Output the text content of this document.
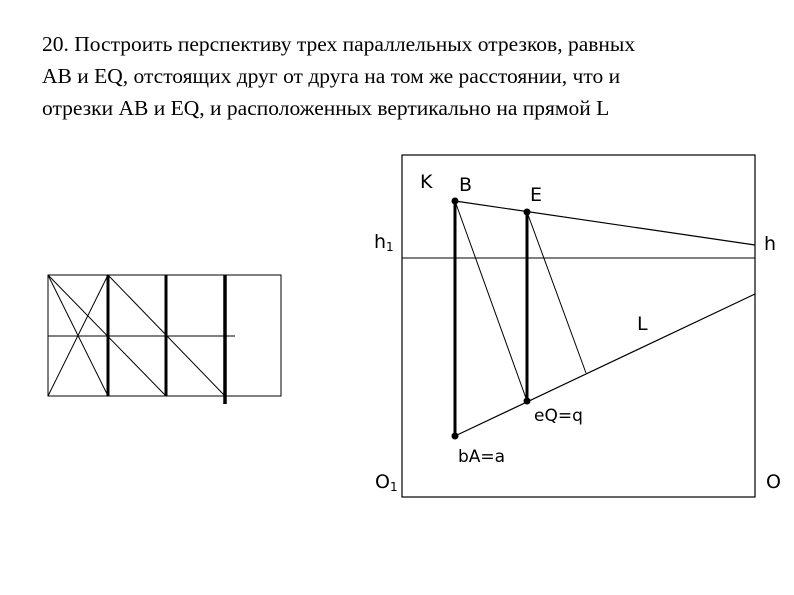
20. Построить перспективу трех параллельных отрезков, равных
AB и EQ, отстоящих друг от друга на том же расстоянии, что и
отрезки AB и EQ, и расположенных вертикально на прямой L
K B	E
h1	h
L
eQ=q
bA=a
O1	O
